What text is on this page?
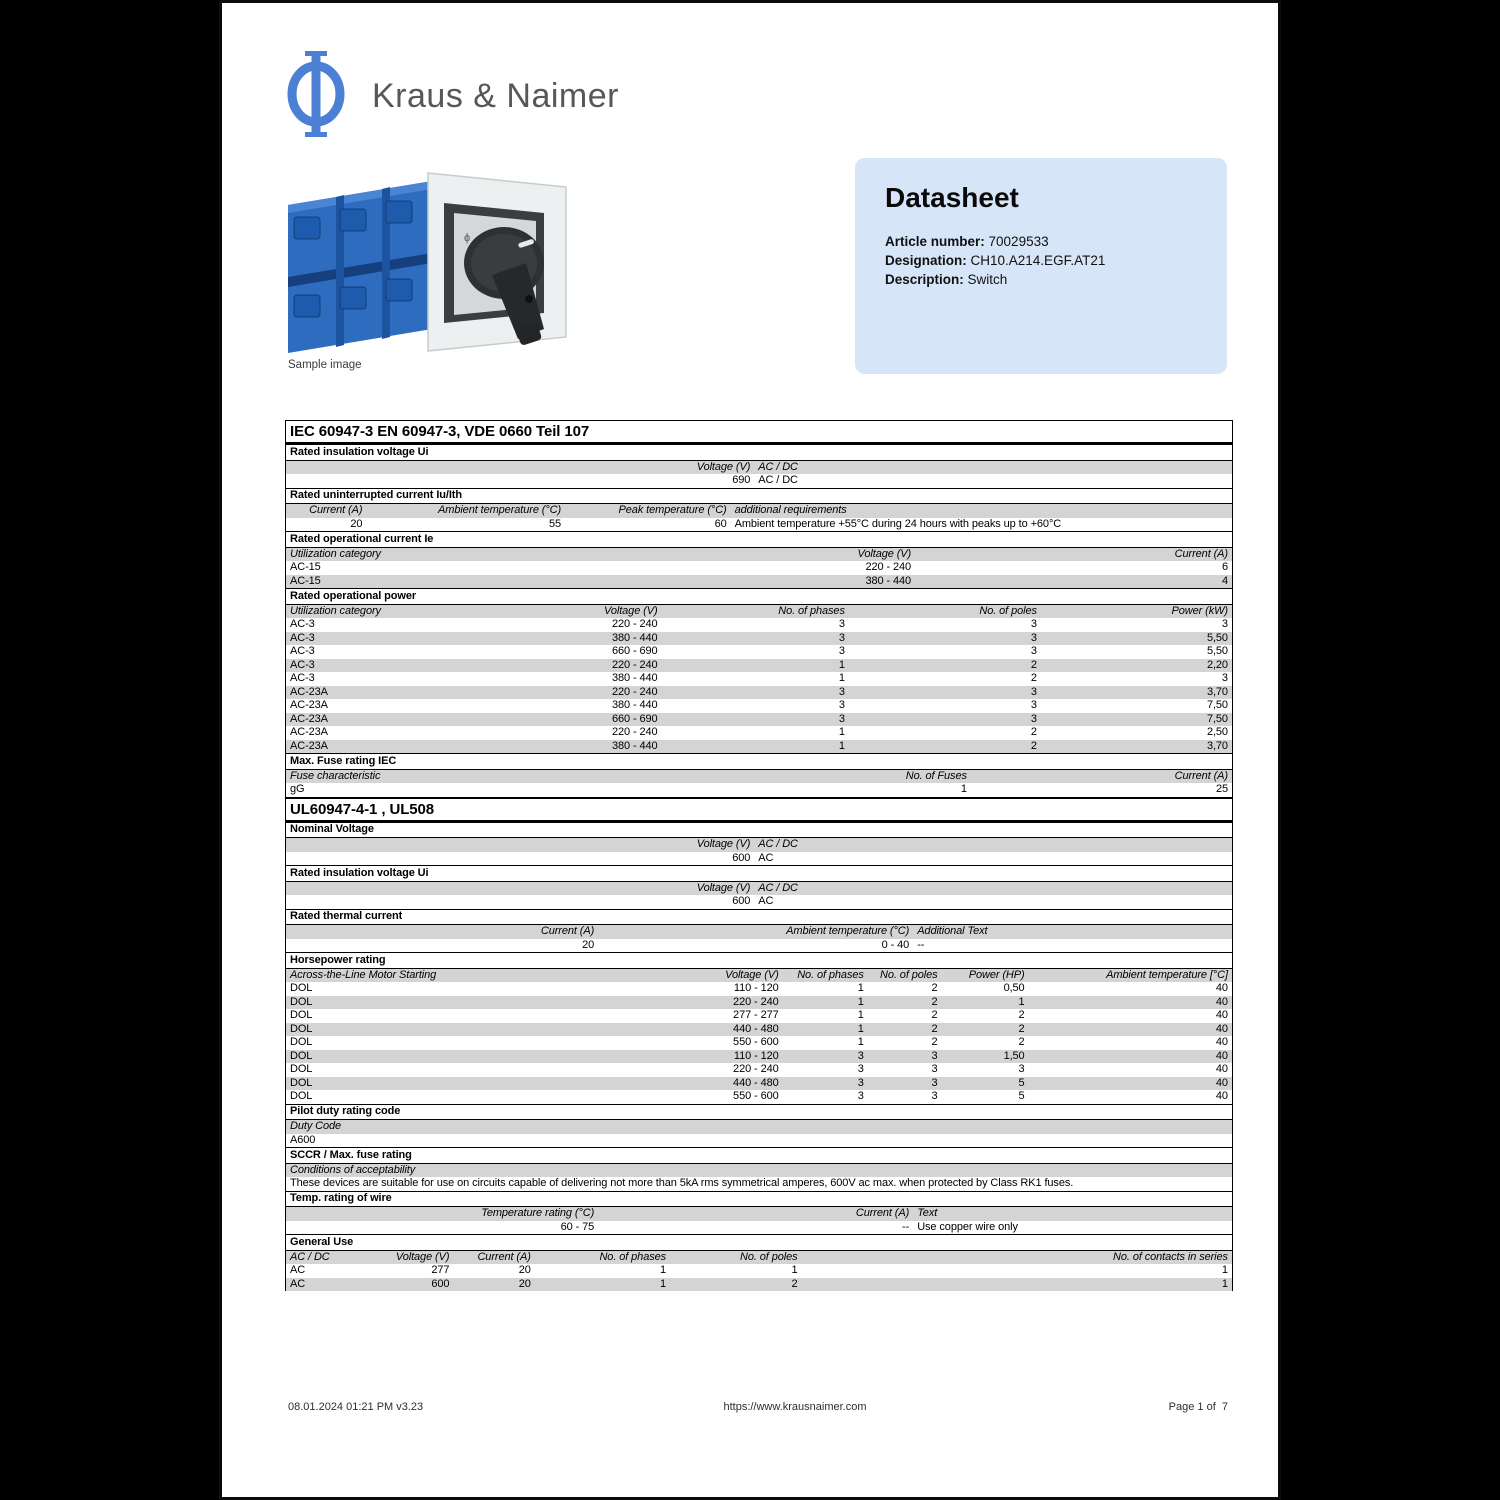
Kraus & Naimer
ϕ
Sample image
Datasheet
Article number: 70029533
Designation: CH10.A214.EGF.AT21
Description: Switch
IEC 60947-3 EN 60947-3, VDE 0660 Teil 107
Rated insulation voltage Ui
Voltage (V) AC / DC
690 AC / DC
Rated uninterrupted current Iu/Ith
Current (A)	Ambient temperature (°C)	Peak temperature (°C) additional requirements
20	55	60 Ambient temperature +55°C during 24 hours with peaks up to +60°C
Rated operational current Ie
Utilization category	Voltage (V)	Current (A)
AC-15	220 - 240	6
AC-15	380 - 440	4
Rated operational power
Utilization category	Voltage (V)	No. of phases	No. of poles	Power (kW)
AC-3	220 - 240	3	3	3
AC-3	380 - 440	3	3	5,50
AC-3	660 - 690	3	3	5,50
AC-3	220 - 240	1	2	2,20
AC-3	380 - 440	1	2	3
AC-23A	220 - 240	3	3	3,70
AC-23A	380 - 440	3	3	7,50
AC-23A	660 - 690	3	3	7,50
AC-23A	220 - 240	1	2	2,50
AC-23A	380 - 440	1	2	3,70
Max. Fuse rating IEC
Fuse characteristic	No. of Fuses	Current (A)
gG	1	25
UL60947-4-1 , UL508
Nominal Voltage
Voltage (V) AC / DC
600 AC
Rated insulation voltage Ui
Voltage (V) AC / DC
600 AC
Rated thermal current
Current (A)	Ambient temperature (°C) Additional Text
20	0 - 40 --
Horsepower rating
Across-the-Line Motor Starting	Voltage (V)	No. of phases	No. of poles	Power (HP)	Ambient temperature [°C]
DOL	110 - 120	1	2	0,50	40
DOL	220 - 240	1	2	1	40
DOL	277 - 277	1	2	2	40
DOL	440 - 480	1	2	2	40
DOL	550 - 600	1	2	2	40
DOL	110 - 120	3	3	1,50	40
DOL	220 - 240	3	3	3	40
DOL	440 - 480	3	3	5	40
DOL	550 - 600	3	3	5	40
Pilot duty rating code
Duty Code
A600
SCCR / Max. fuse rating
Conditions of acceptability
These devices are suitable for use on circuits capable of delivering not more than 5kA rms symmetrical amperes, 600V ac max. when protected by Class RK1 fuses.
Temp. rating of wire
Temperature rating (°C)	Current (A) Text
60 - 75	-- Use copper wire only
General Use
AC / DC	Voltage (V)	Current (A)	No. of phases	No. of poles	No. of contacts in series
AC	277	20	1	1	1
AC	600	20	1	2	1
08.01.2024 01:21 PM v3.23	https://www.krausnaimer.com	Page 1 of  7
